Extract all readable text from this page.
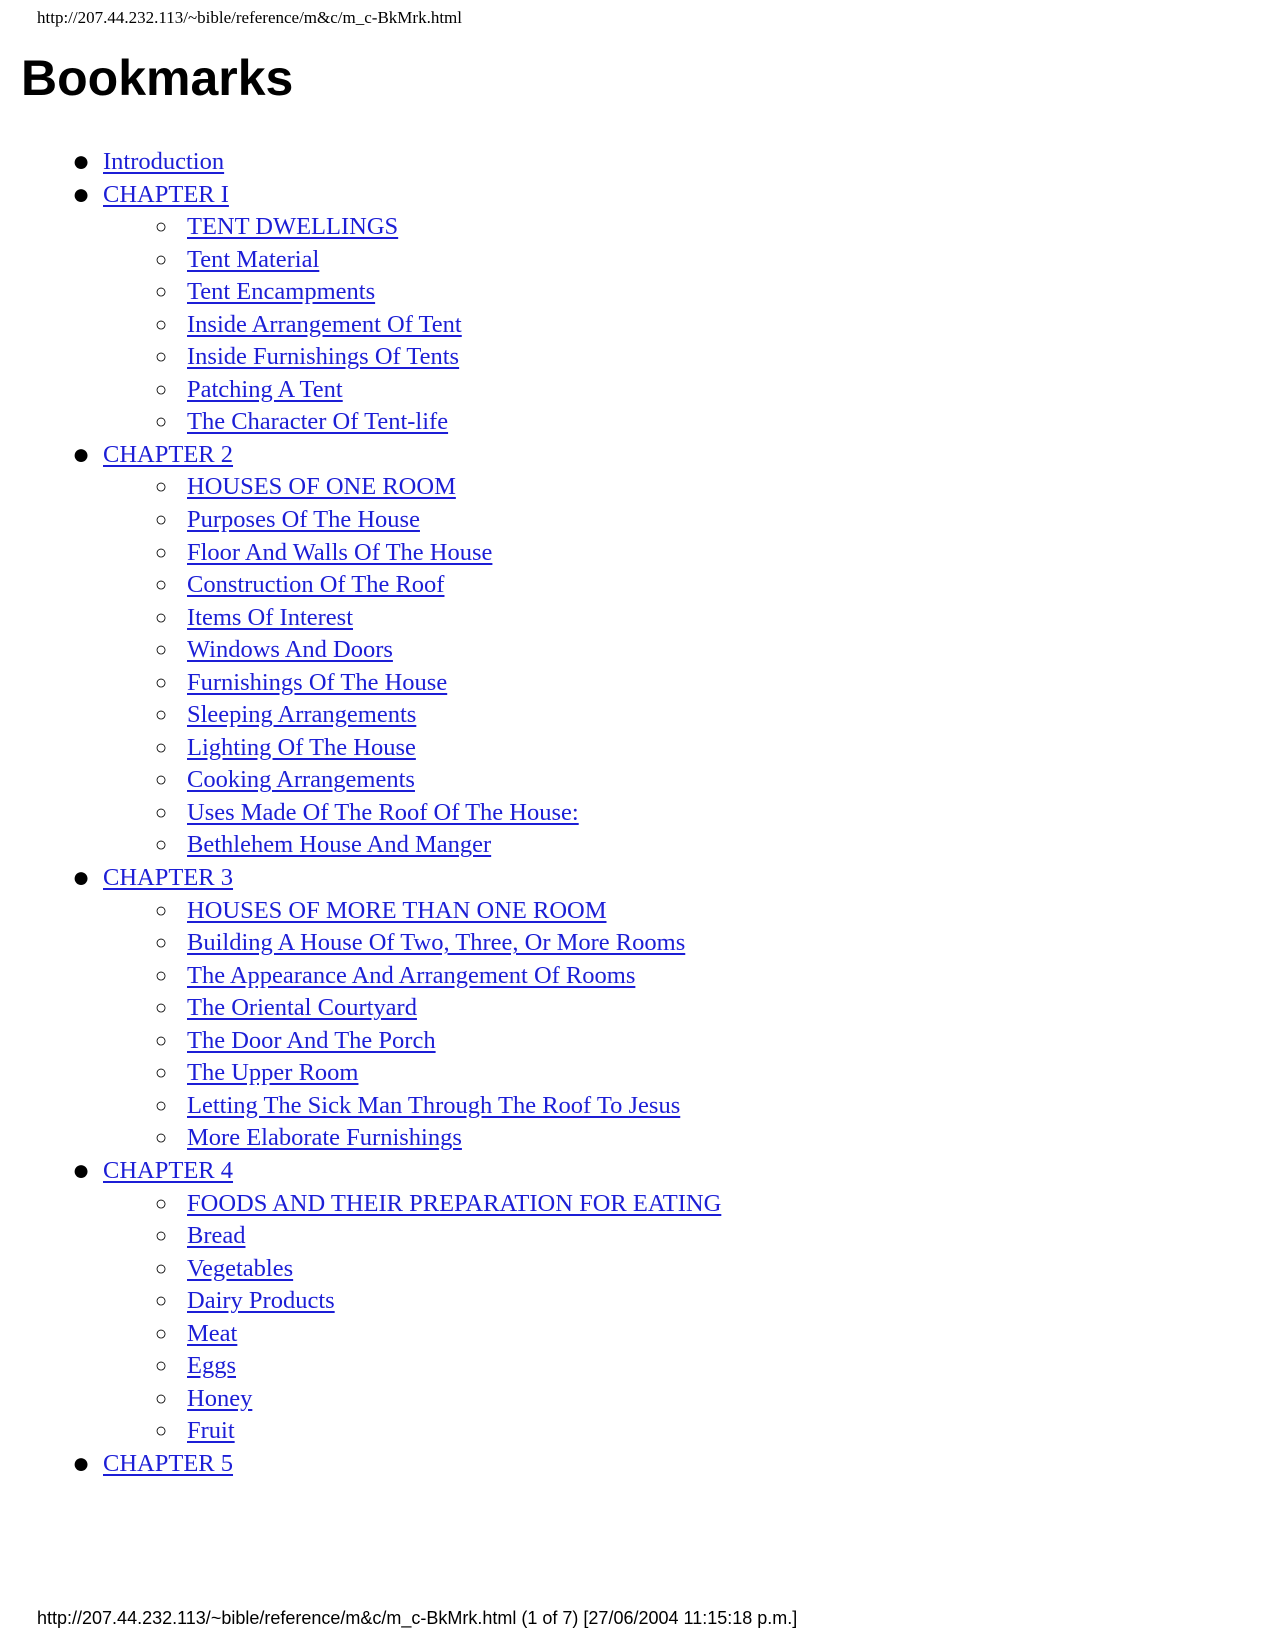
http://207.44.232.113/~bible/reference/m&c/m_c-BkMrk.html
Bookmarks
● Introduction
● CHAPTER I
○ TENT DWELLINGS
○ Tent Material
○ Tent Encampments
○ Inside Arrangement Of Tent
○ Inside Furnishings Of Tents
○ Patching A Tent
○ The Character Of Tent-life
● CHAPTER 2
○ HOUSES OF ONE ROOM
○ Purposes Of The House
○ Floor And Walls Of The House
○ Construction Of The Roof
○ Items Of Interest
○ Windows And Doors
○ Furnishings Of The House
○ Sleeping Arrangements
○ Lighting Of The House
○ Cooking Arrangements
○ Uses Made Of The Roof Of The House:
○ Bethlehem House And Manger
● CHAPTER 3
○ HOUSES OF MORE THAN ONE ROOM
○ Building A House Of Two, Three, Or More Rooms
○ The Appearance And Arrangement Of Rooms
○ The Oriental Courtyard
○ The Door And The Porch
○ The Upper Room
○ Letting The Sick Man Through The Roof To Jesus
○ More Elaborate Furnishings
● CHAPTER 4
○ FOODS AND THEIR PREPARATION FOR EATING
○ Bread
○ Vegetables
○ Dairy Products
○ Meat
○ Eggs
○ Honey
○ Fruit
● CHAPTER 5
http://207.44.232.113/~bible/reference/m&c/m_c-BkMrk.html (1 of 7) [27/06/2004 11:15:18 p.m.]
